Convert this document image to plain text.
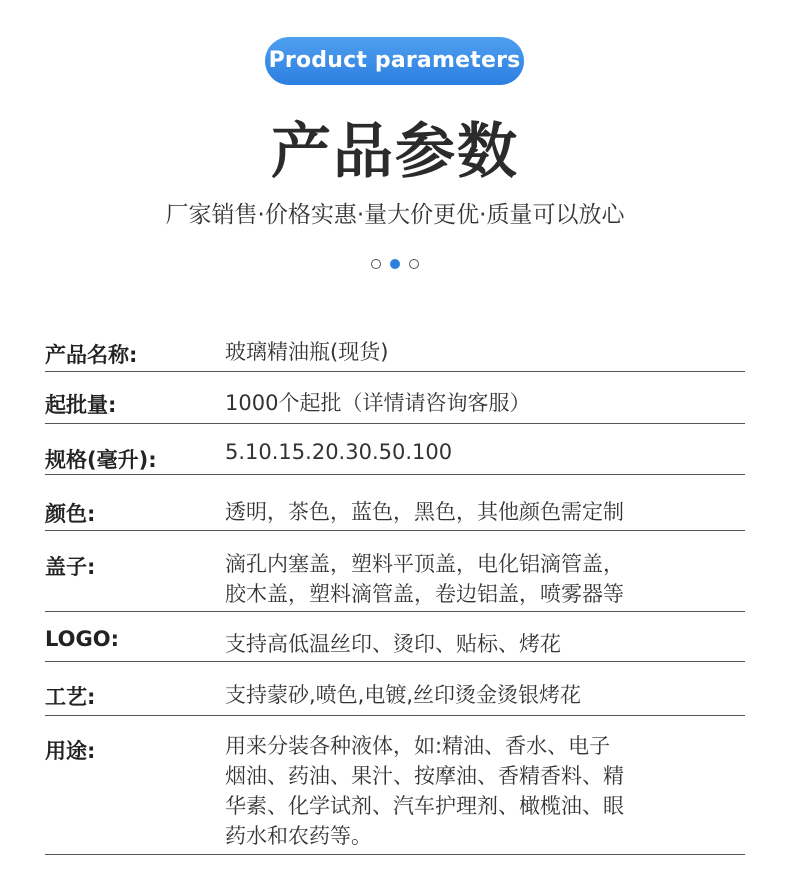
Product parameters
产品参数
厂家销售·价格实惠·量大价更优·质量可以放心
产品名称:	玻璃精油瓶(现货)
起批量:	1000个起批（详情请咨询客服）
规格(毫升):	5.10.15.20.30.50.100
颜色:	透明，茶色，蓝色，黑色，其他颜色需定制
盖子:	滴孔内塞盖，塑料平顶盖，电化铝滴管盖，
胶木盖，塑料滴管盖，卷边铝盖，喷雾器等
LOGO:	支持高低温丝印、烫印、贴标、烤花
工艺:	支持蒙砂,喷色,电镀,丝印烫金烫银烤花
用途:	用来分装各种液体，如:精油、香水、电子
烟油、药油、果汁、按摩油、香精香料、精
华素、化学试剂、汽车护理剂、橄榄油、眼
药水和农药等。
